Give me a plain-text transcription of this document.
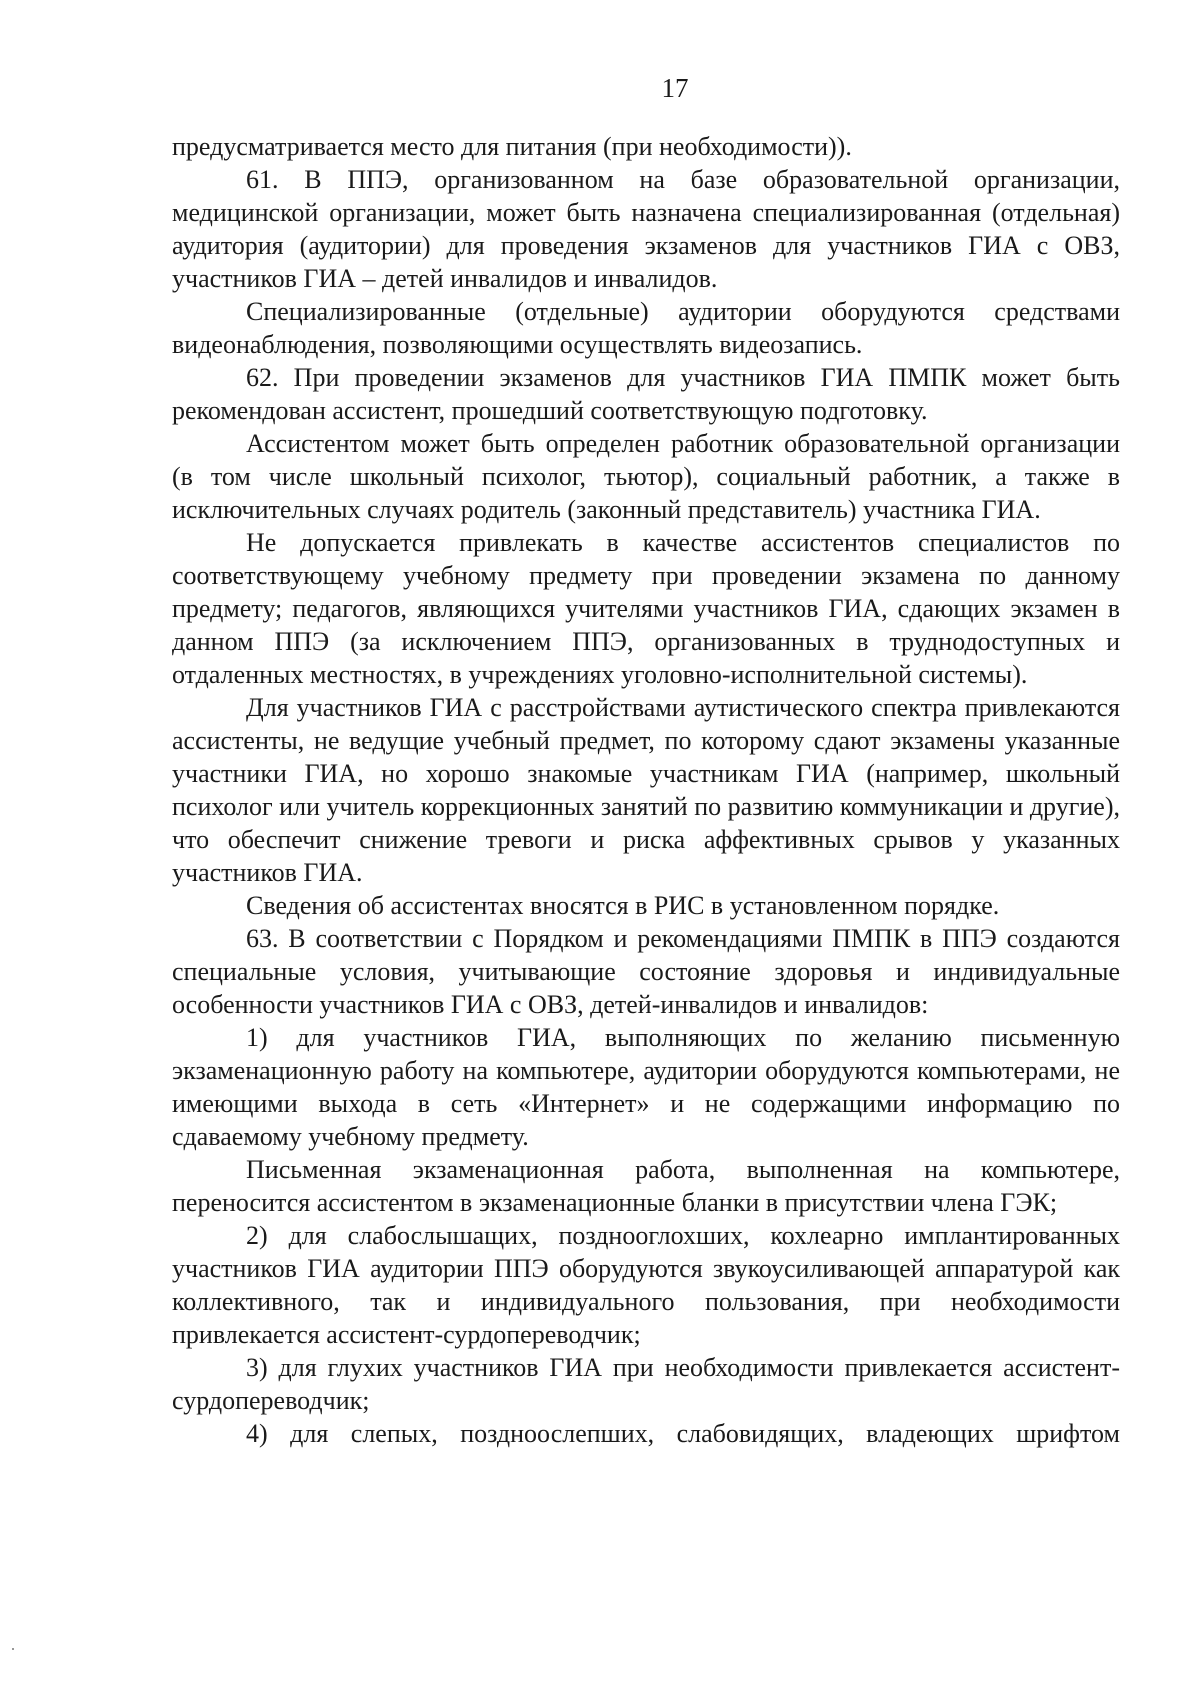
17

предусматривается место для питания (при необходимости)).

61. В ППЭ, организованном на базе образовательной организации, медицинской организации, может быть назначена специализированная (отдельная) аудитория (аудитории) для проведения экзаменов для участников ГИА с ОВЗ, участников ГИА – детей инвалидов и инвалидов.

Специализированные (отдельные) аудитории оборудуются средствами видеонаблюдения, позволяющими осуществлять видеозапись.

62. При проведении экзаменов для участников ГИА ПМПК может быть рекомендован ассистент, прошедший соответствующую подготовку.

Ассистентом может быть определен работник образовательной организации (в том числе школьный психолог, тьютор), социальный работник, а также в исключительных случаях родитель (законный представитель) участника ГИА.

Не допускается привлекать в качестве ассистентов специалистов по соответствующему учебному предмету при проведении экзамена по данному предмету; педагогов, являющихся учителями участников ГИА, сдающих экзамен в данном ППЭ (за исключением ППЭ, организованных в труднодоступных и отдаленных местностях, в учреждениях уголовно-исполнительной системы).

Для участников ГИА с расстройствами аутистического спектра привлекаются ассистенты, не ведущие учебный предмет, по которому сдают экзамены указанные участники ГИА, но хорошо знакомые участникам ГИА (например, школьный психолог или учитель коррекционных занятий по развитию коммуникации и другие), что обеспечит снижение тревоги и риска аффективных срывов у указанных участников ГИА.

Сведения об ассистентах вносятся в РИС в установленном порядке.

63. В соответствии с Порядком и рекомендациями ПМПК в ППЭ создаются специальные условия, учитывающие состояние здоровья и индивидуальные особенности участников ГИА с ОВЗ, детей-инвалидов и инвалидов:

1) для участников ГИА, выполняющих по желанию письменную экзаменационную работу на компьютере, аудитории оборудуются компьютерами, не имеющими выхода в сеть «Интернет» и не содержащими информацию по сдаваемому учебному предмету.

Письменная экзаменационная работа, выполненная на компьютере, переносится ассистентом в экзаменационные бланки в присутствии члена ГЭК;

2) для слабослышащих, позднооглохших, кохлеарно имплантированных участников ГИА аудитории ППЭ оборудуются звукоусиливающей аппаратурой как коллективного, так и индивидуального пользования, при необходимости привлекается ассистент-сурдопереводчик;

3) для глухих участников ГИА при необходимости привлекается ассистент-сурдопереводчик;

4) для слепых, поздноослепших, слабовидящих, владеющих шрифтом
